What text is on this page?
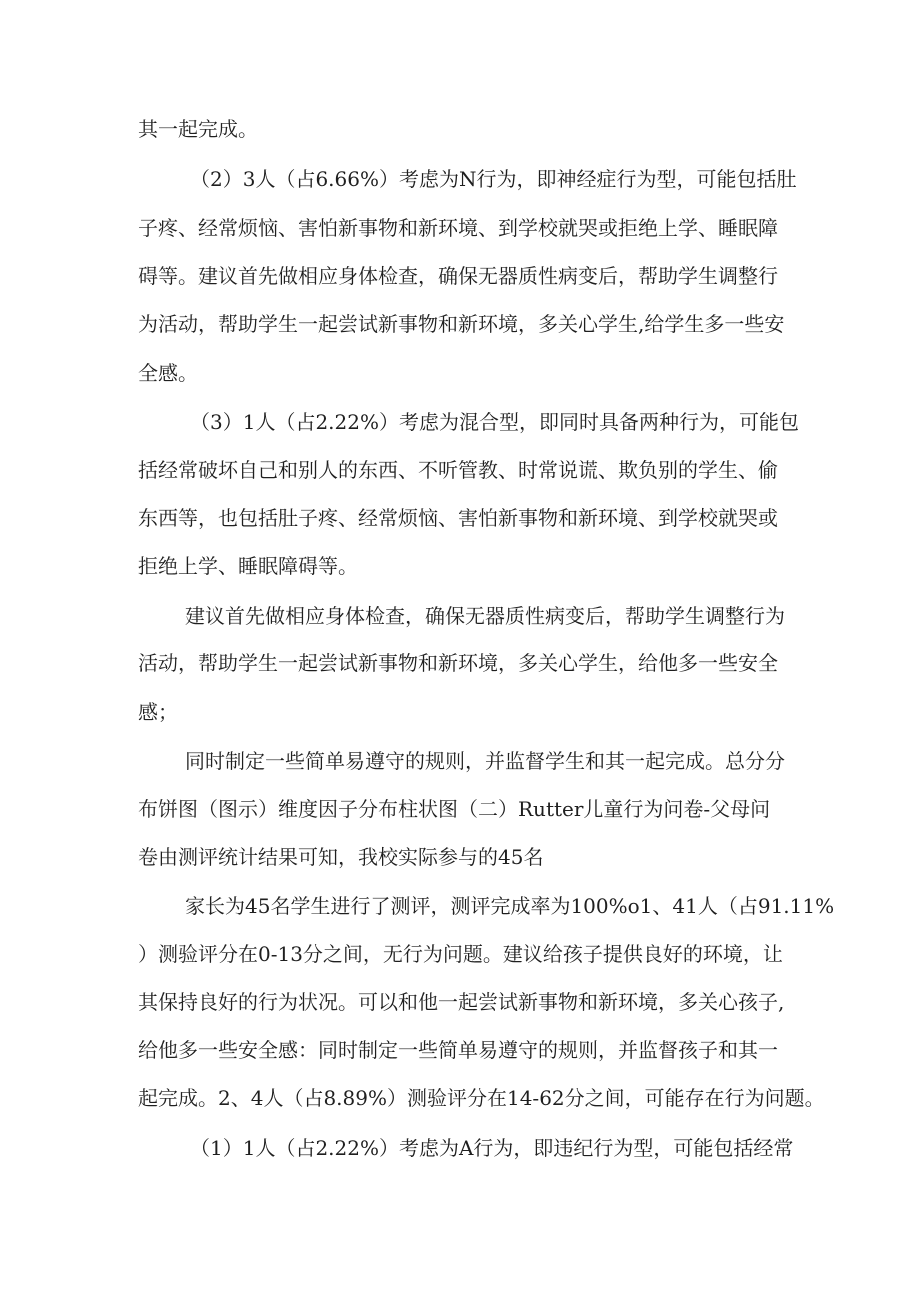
其一起完成。
（2）3人（占6.66%）考虑为N行为，即神经症行为型，可能包括肚
子疼、经常烦恼、害怕新事物和新环境、到学校就哭或拒绝上学、睡眠障
碍等。建议首先做相应身体检查，确保无器质性病变后，帮助学生调整行
为活动，帮助学生一起尝试新事物和新环境，多关心学生,给学生多一些安
全感。
（3）1人（占2.22%）考虑为混合型，即同时具备两种行为，可能包
括经常破坏自己和别人的东西、不听管教、时常说谎、欺负别的学生、偷
东西等，也包括肚子疼、经常烦恼、害怕新事物和新环境、到学校就哭或
拒绝上学、睡眠障碍等。
建议首先做相应身体检查，确保无器质性病变后，帮助学生调整行为
活动，帮助学生一起尝试新事物和新环境，多关心学生，给他多一些安全
感；
同时制定一些简单易遵守的规则，并监督学生和其一起完成。总分分
布饼图（图示）维度因子分布柱状图（二）Rutter儿童行为问卷-父母问
卷由测评统计结果可知，我校实际参与的45名
家长为45名学生进行了测评，测评完成率为100%o1、41人（占91.11%
）测验评分在0-13分之间，无行为问题。建议给孩子提供良好的环境，让
其保持良好的行为状况。可以和他一起尝试新事物和新环境，多关心孩子,
给他多一些安全感：同时制定一些简单易遵守的规则，并监督孩子和其一
起完成。2、4人（占8.89%）测验评分在14-62分之间，可能存在行为问题。
（1）1人（占2.22%）考虑为A行为，即违纪行为型，可能包括经常
